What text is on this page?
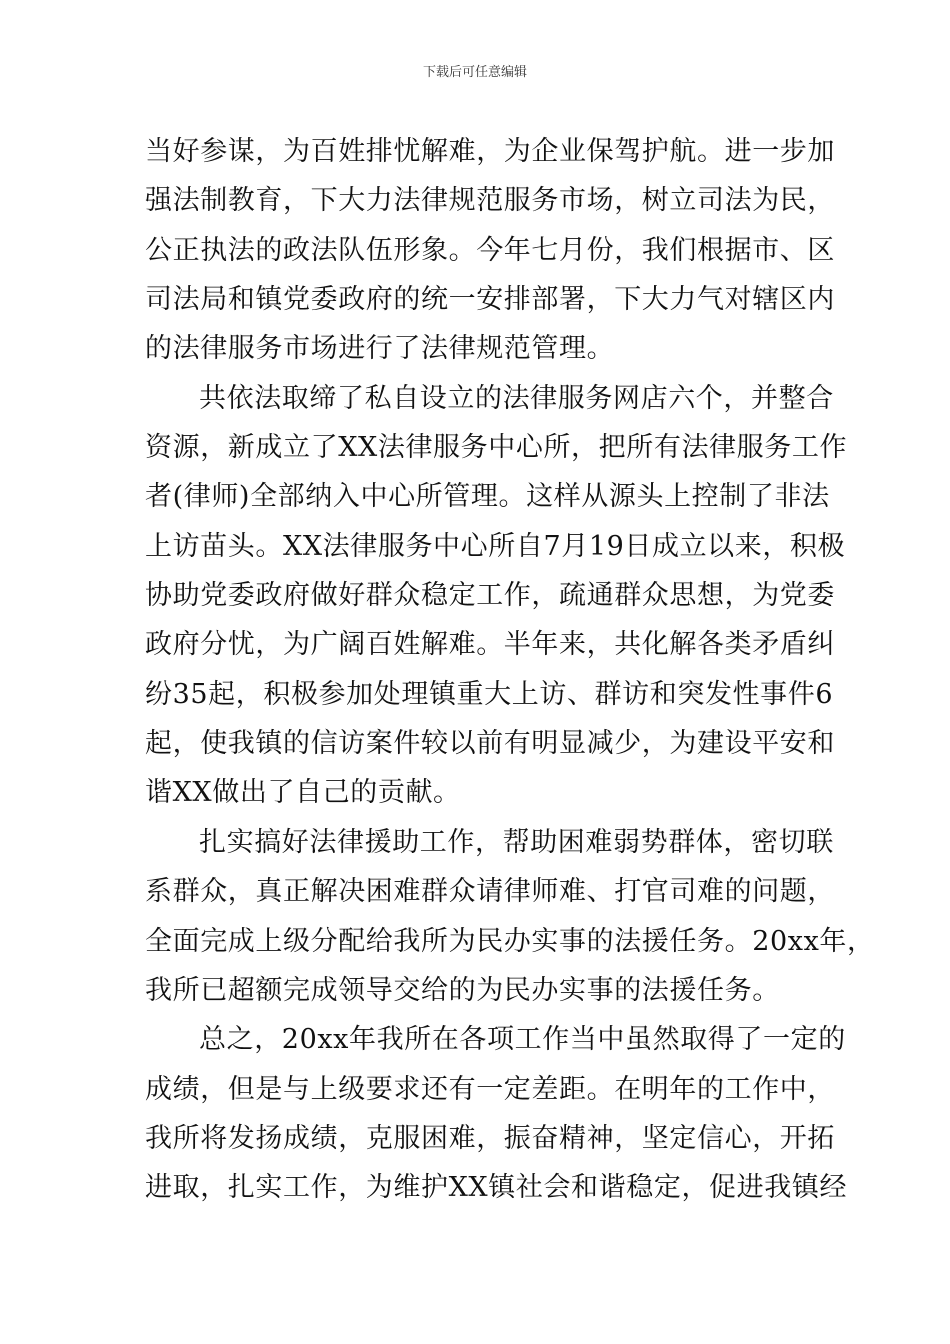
下载后可任意编辑
当好参谋，为百姓排忧解难，为企业保驾护航。进一步加
强法制教育，下大力法律规范服务市场，树立司法为民，
公正执法的政法队伍形象。今年七月份，我们根据市、区
司法局和镇党委政府的统一安排部署，下大力气对辖区内
的法律服务市场进行了法律规范管理。
共依法取缔了私自设立的法律服务网店六个，并整合
资源，新成立了XX法律服务中心所，把所有法律服务工作
者(律师)全部纳入中心所管理。这样从源头上控制了非法
上访苗头。XX法律服务中心所自7月19日成立以来，积极
协助党委政府做好群众稳定工作，疏通群众思想，为党委
政府分忧，为广阔百姓解难。半年来，共化解各类矛盾纠
纷35起，积极参加处理镇重大上访、群访和突发性事件6
起，使我镇的信访案件较以前有明显减少，为建设平安和
谐XX做出了自己的贡献。
扎实搞好法律援助工作，帮助困难弱势群体，密切联
系群众，真正解决困难群众请律师难、打官司难的问题，
全面完成上级分配给我所为民办实事的法援任务。20xx年，
我所已超额完成领导交给的为民办实事的法援任务。
总之，20xx年我所在各项工作当中虽然取得了一定的
成绩，但是与上级要求还有一定差距。在明年的工作中，
我所将发扬成绩，克服困难，振奋精神，坚定信心，开拓
进取，扎实工作，为维护XX镇社会和谐稳定，促进我镇经
